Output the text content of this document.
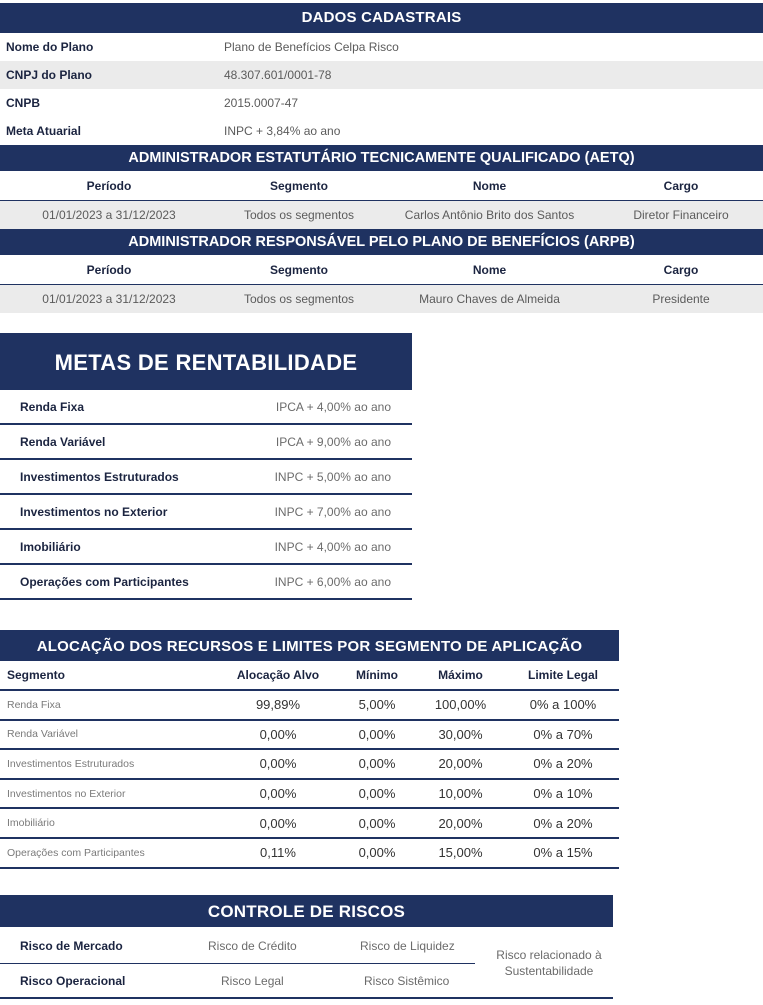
DADOS CADASTRAIS
Nome do Plano	Plano de Benefícios Celpa Risco
CNPJ do Plano	48.307.601/0001-78
CNPB	2015.0007-47
Meta Atuarial	INPC + 3,84% ao ano
ADMINISTRADOR ESTATUTÁRIO TECNICAMENTE QUALIFICADO (AETQ)
Período	Segmento	Nome	Cargo
01/01/2023 a 31/12/2023	Todos os segmentos	Carlos Antônio Brito dos Santos	Diretor Financeiro
ADMINISTRADOR RESPONSÁVEL PELO PLANO DE BENEFÍCIOS (ARPB)
Período	Segmento	Nome	Cargo
01/01/2023 a 31/12/2023	Todos os segmentos	Mauro Chaves de Almeida	Presidente
METAS DE RENTABILIDADE
Renda Fixa	IPCA + 4,00% ao ano
Renda Variável	IPCA + 9,00% ao ano
Investimentos Estruturados	INPC + 5,00% ao ano
Investimentos no Exterior	INPC + 7,00% ao ano
Imobiliário	INPC + 4,00% ao ano
Operações com Participantes	INPC + 6,00% ao ano
ALOCAÇÃO DOS RECURSOS E LIMITES POR SEGMENTO DE APLICAÇÃO
Segmento	Alocação Alvo	Mínimo	Máximo	Limite Legal
Renda Fixa	99,89%	5,00%	100,00%	0% a 100%
Renda Variável	0,00%	0,00%	30,00%	0% a 70%
Investimentos Estruturados	0,00%	0,00%	20,00%	0% a 20%
Investimentos no Exterior	0,00%	0,00%	10,00%	0% a 10%
Imobiliário	0,00%	0,00%	20,00%	0% a 20%
Operações com Participantes	0,11%	0,00%	15,00%	0% a 15%
CONTROLE DE RISCOS
Risco de Mercado	Risco de Crédito	Risco de Liquidez
Risco Operacional	Risco Legal	Risco Sistêmico
Risco relacionado à
Sustentabilidade
